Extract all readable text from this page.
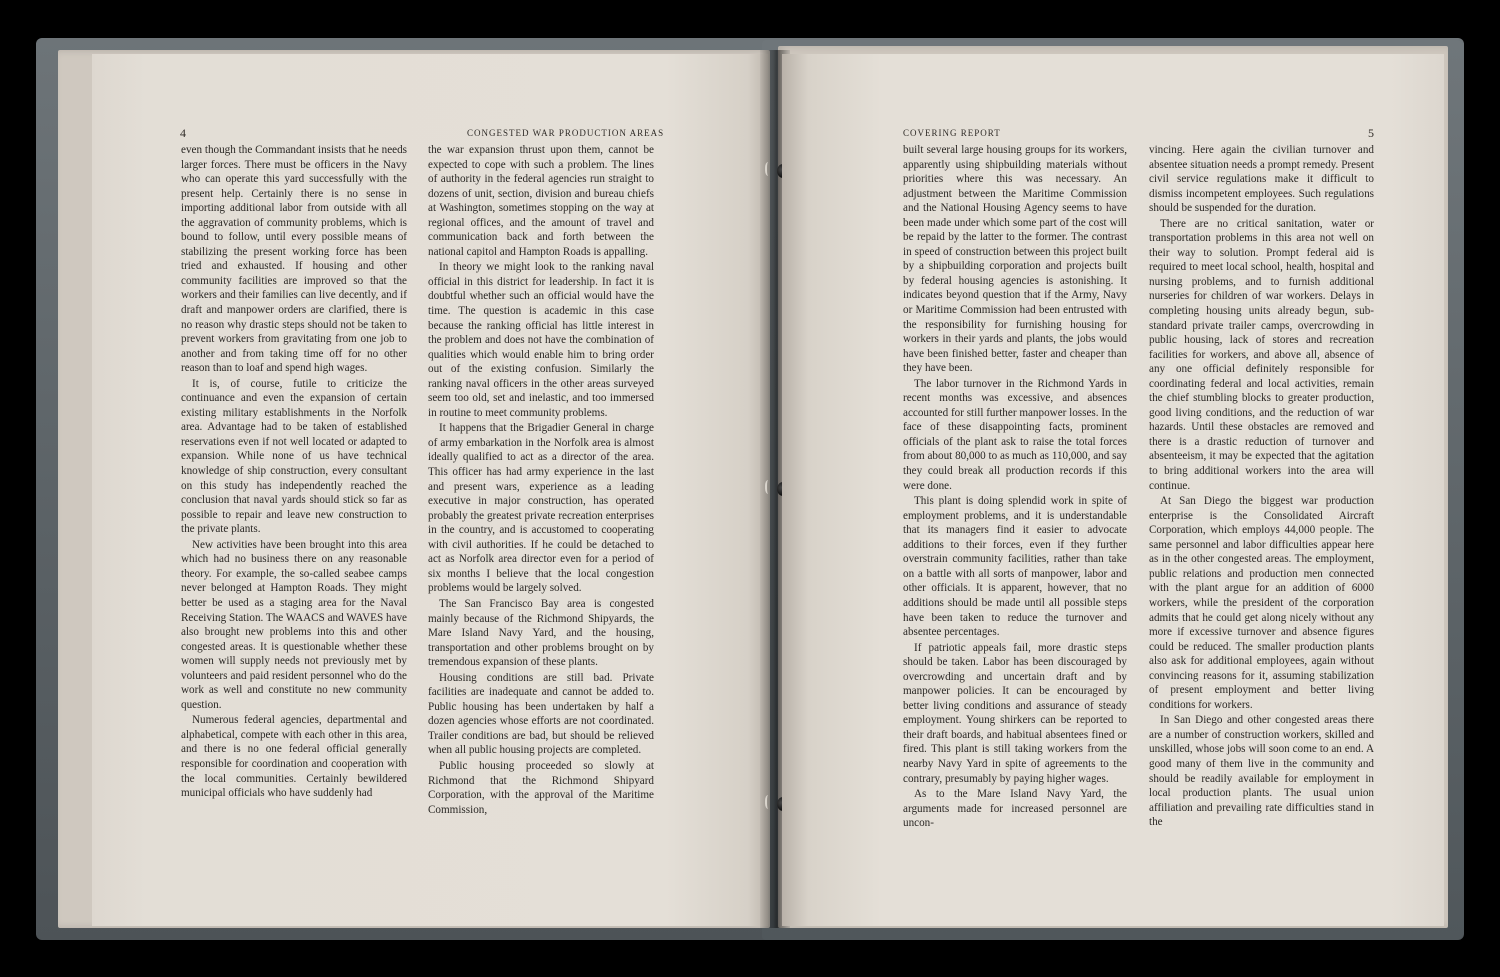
4	CONGESTED WAR PRODUCTION AREAS

even though the Commandant insists that he needs larger forces. There must be officers in the Navy who can operate this yard successfully with the present help. Certainly there is no sense in importing additional labor from outside with all the aggravation of community problems, which is bound to follow, until every possible means of stabilizing the present working force has been tried and exhausted. If housing and other community facilities are improved so that the workers and their families can live decently, and if draft and manpower orders are clarified, there is no reason why drastic steps should not be taken to prevent workers from gravitating from one job to another and from taking time off for no other reason than to loaf and spend high wages.

It is, of course, futile to criticize the continuance and even the expansion of certain existing military establishments in the Norfolk area. Advantage had to be taken of established reservations even if not well located or adapted to expansion. While none of us have technical knowledge of ship construction, every consultant on this study has independently reached the conclusion that naval yards should stick so far as possible to repair and leave new construction to the private plants.

New activities have been brought into this area which had no business there on any reasonable theory. For example, the so-called seabee camps never belonged at Hampton Roads. They might better be used as a staging area for the Naval Receiving Station. The WAACS and WAVES have also brought new problems into this and other congested areas. It is questionable whether these women will supply needs not previously met by volunteers and paid resident personnel who do the work as well and constitute no new community question.

Numerous federal agencies, departmental and alphabetical, compete with each other in this area, and there is no one federal official generally responsible for coordination and cooperation with the local communities. Certainly bewildered municipal officials who have suddenly had

the war expansion thrust upon them, cannot be expected to cope with such a problem. The lines of authority in the federal agencies run straight to dozens of unit, section, division and bureau chiefs at Washington, sometimes stopping on the way at regional offices, and the amount of travel and communication back and forth between the national capitol and Hampton Roads is appalling.

In theory we might look to the ranking naval official in this district for leadership. In fact it is doubtful whether such an official would have the time. The question is academic in this case because the ranking official has little interest in the problem and does not have the combination of qualities which would enable him to bring order out of the existing confusion. Similarly the ranking naval officers in the other areas surveyed seem too old, set and inelastic, and too immersed in routine to meet community problems.

It happens that the Brigadier General in charge of army embarkation in the Norfolk area is almost ideally qualified to act as a director of the area. This officer has had army experience in the last and present wars, experience as a leading executive in major construction, has operated probably the greatest private recreation enterprises in the country, and is accustomed to cooperating with civil authorities. If he could be detached to act as Norfolk area director even for a period of six months I believe that the local congestion problems would be largely solved.

The San Francisco Bay area is congested mainly because of the Richmond Shipyards, the Mare Island Navy Yard, and the housing, transportation and other problems brought on by tremendous expansion of these plants.

Housing conditions are still bad. Private facilities are inadequate and cannot be added to. Public housing has been undertaken by half a dozen agencies whose efforts are not coordinated. Trailer conditions are bad, but should be relieved when all public housing projects are completed.

Public housing proceeded so slowly at Richmond that the Richmond Shipyard Corporation, with the approval of the Maritime Commission,

COVERING REPORT	5

built several large housing groups for its workers, apparently using shipbuilding materials without priorities where this was necessary. An adjustment between the Maritime Commission and the National Housing Agency seems to have been made under which some part of the cost will be repaid by the latter to the former. The contrast in speed of construction between this project built by a shipbuilding corporation and projects built by federal housing agencies is astonishing. It indicates beyond question that if the Army, Navy or Maritime Commission had been entrusted with the responsibility for furnishing housing for workers in their yards and plants, the jobs would have been finished better, faster and cheaper than they have been.

The labor turnover in the Richmond Yards in recent months was excessive, and absences accounted for still further manpower losses. In the face of these disappointing facts, prominent officials of the plant ask to raise the total forces from about 80,000 to as much as 110,000, and say they could break all production records if this were done.

This plant is doing splendid work in spite of employment problems, and it is understandable that its managers find it easier to advocate additions to their forces, even if they further overstrain community facilities, rather than take on a battle with all sorts of manpower, labor and other officials. It is apparent, however, that no additions should be made until all possible steps have been taken to reduce the turnover and absentee percentages.

If patriotic appeals fail, more drastic steps should be taken. Labor has been discouraged by overcrowding and uncertain draft and by manpower policies. It can be encouraged by better living conditions and assurance of steady employment. Young shirkers can be reported to their draft boards, and habitual absentees fined or fired. This plant is still taking workers from the nearby Navy Yard in spite of agreements to the contrary, presumably by paying higher wages.

As to the Mare Island Navy Yard, the arguments made for increased personnel are uncon-

vincing. Here again the civilian turnover and absentee situation needs a prompt remedy. Present civil service regulations make it difficult to dismiss incompetent employees. Such regulations should be suspended for the duration.

There are no critical sanitation, water or transportation problems in this area not well on their way to solution. Prompt federal aid is required to meet local school, health, hospital and nursing problems, and to furnish additional nurseries for children of war workers. Delays in completing housing units already begun, sub-standard private trailer camps, overcrowding in public housing, lack of stores and recreation facilities for workers, and above all, absence of any one official definitely responsible for coordinating federal and local activities, remain the chief stumbling blocks to greater production, good living conditions, and the reduction of war hazards. Until these obstacles are removed and there is a drastic reduction of turnover and absenteeism, it may be expected that the agitation to bring additional workers into the area will continue.

At San Diego the biggest war production enterprise is the Consolidated Aircraft Corporation, which employs 44,000 people. The same personnel and labor difficulties appear here as in the other congested areas. The employment, public relations and production men connected with the plant argue for an addition of 6000 workers, while the president of the corporation admits that he could get along nicely without any more if excessive turnover and absence figures could be reduced. The smaller production plants also ask for additional employees, again without convincing reasons for it, assuming stabilization of present employment and better living conditions for workers.

In San Diego and other congested areas there are a number of construction workers, skilled and unskilled, whose jobs will soon come to an end. A good many of them live in the community and should be readily available for employment in local production plants. The usual union affiliation and prevailing rate difficulties stand in the
